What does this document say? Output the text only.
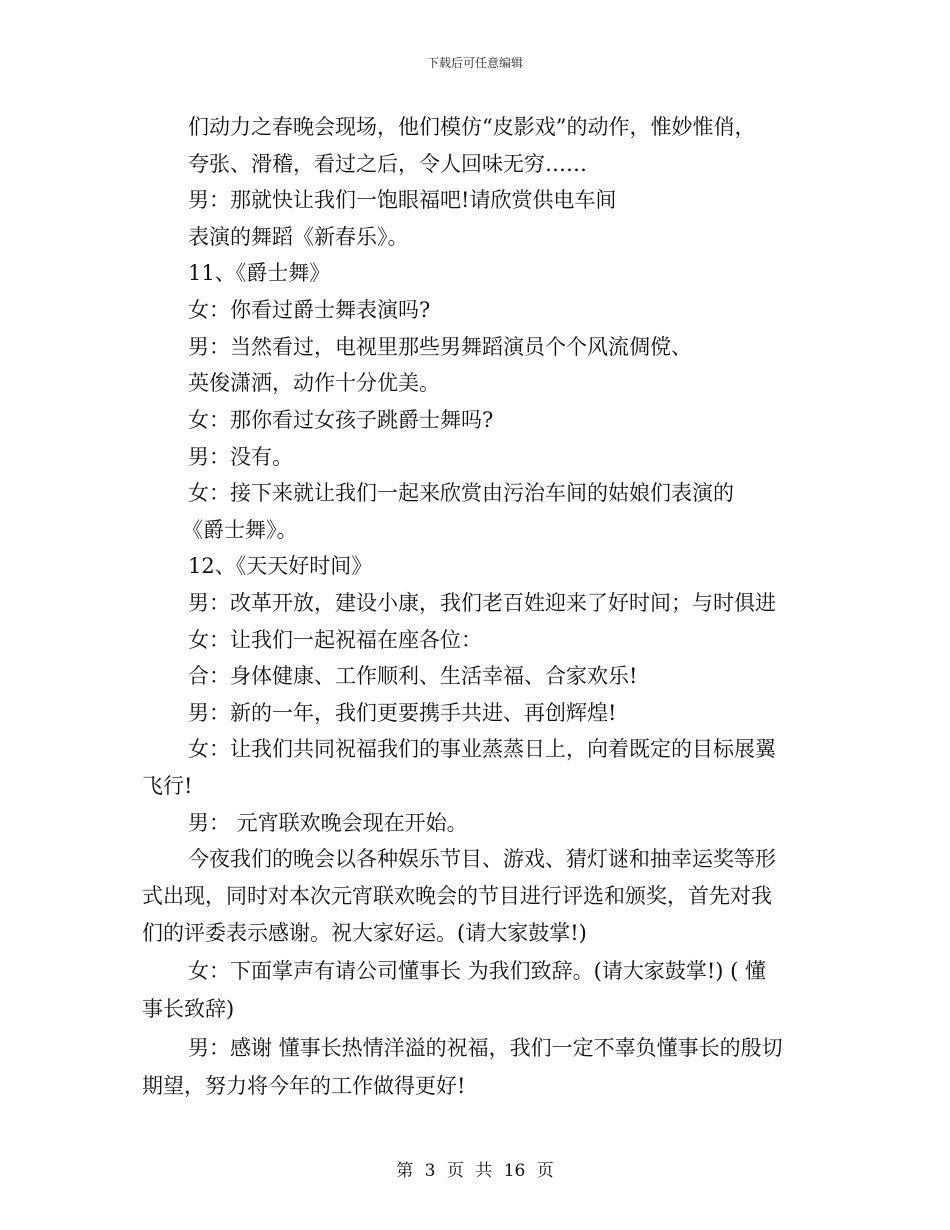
下载后可任意编辑
们动力之春晚会现场，他们模仿“皮影戏”的动作，惟妙惟俏，
夸张、滑稽，看过之后，令人回味无穷……
男：那就快让我们一饱眼福吧!请欣赏供电车间
表演的舞蹈《新春乐》。
11、《爵士舞》
女：你看过爵士舞表演吗?
男：当然看过，电视里那些男舞蹈演员个个风流倜傥、
英俊潇洒，动作十分优美。
女：那你看过女孩子跳爵士舞吗?
男：没有。
女：接下来就让我们一起来欣赏由污治车间的姑娘们表演的
《爵士舞》。
12、《天天好时间》
男：改革开放，建设小康，我们老百姓迎来了好时间；与时俱进
女：让我们一起祝福在座各位：
合：身体健康、工作顺利、生活幸福、合家欢乐!
男：新的一年，我们更要携手共进、再创辉煌!
女：让我们共同祝福我们的事业蒸蒸日上，向着既定的目标展翼
飞行!
男： 元宵联欢晚会现在开始。
今夜我们的晚会以各种娱乐节目、游戏、猜灯谜和抽幸运奖等形
式出现，同时对本次元宵联欢晚会的节目进行评选和颁奖，首先对我
们的评委表示感谢。祝大家好运。(请大家鼓掌!)
女：下面掌声有请公司懂事长 为我们致辞。(请大家鼓掌!) ( 懂
事长致辞)
男：感谢 懂事长热情洋溢的祝福，我们一定不辜负懂事长的殷切
期望，努力将今年的工作做得更好!
第 3 页 共 16 页
